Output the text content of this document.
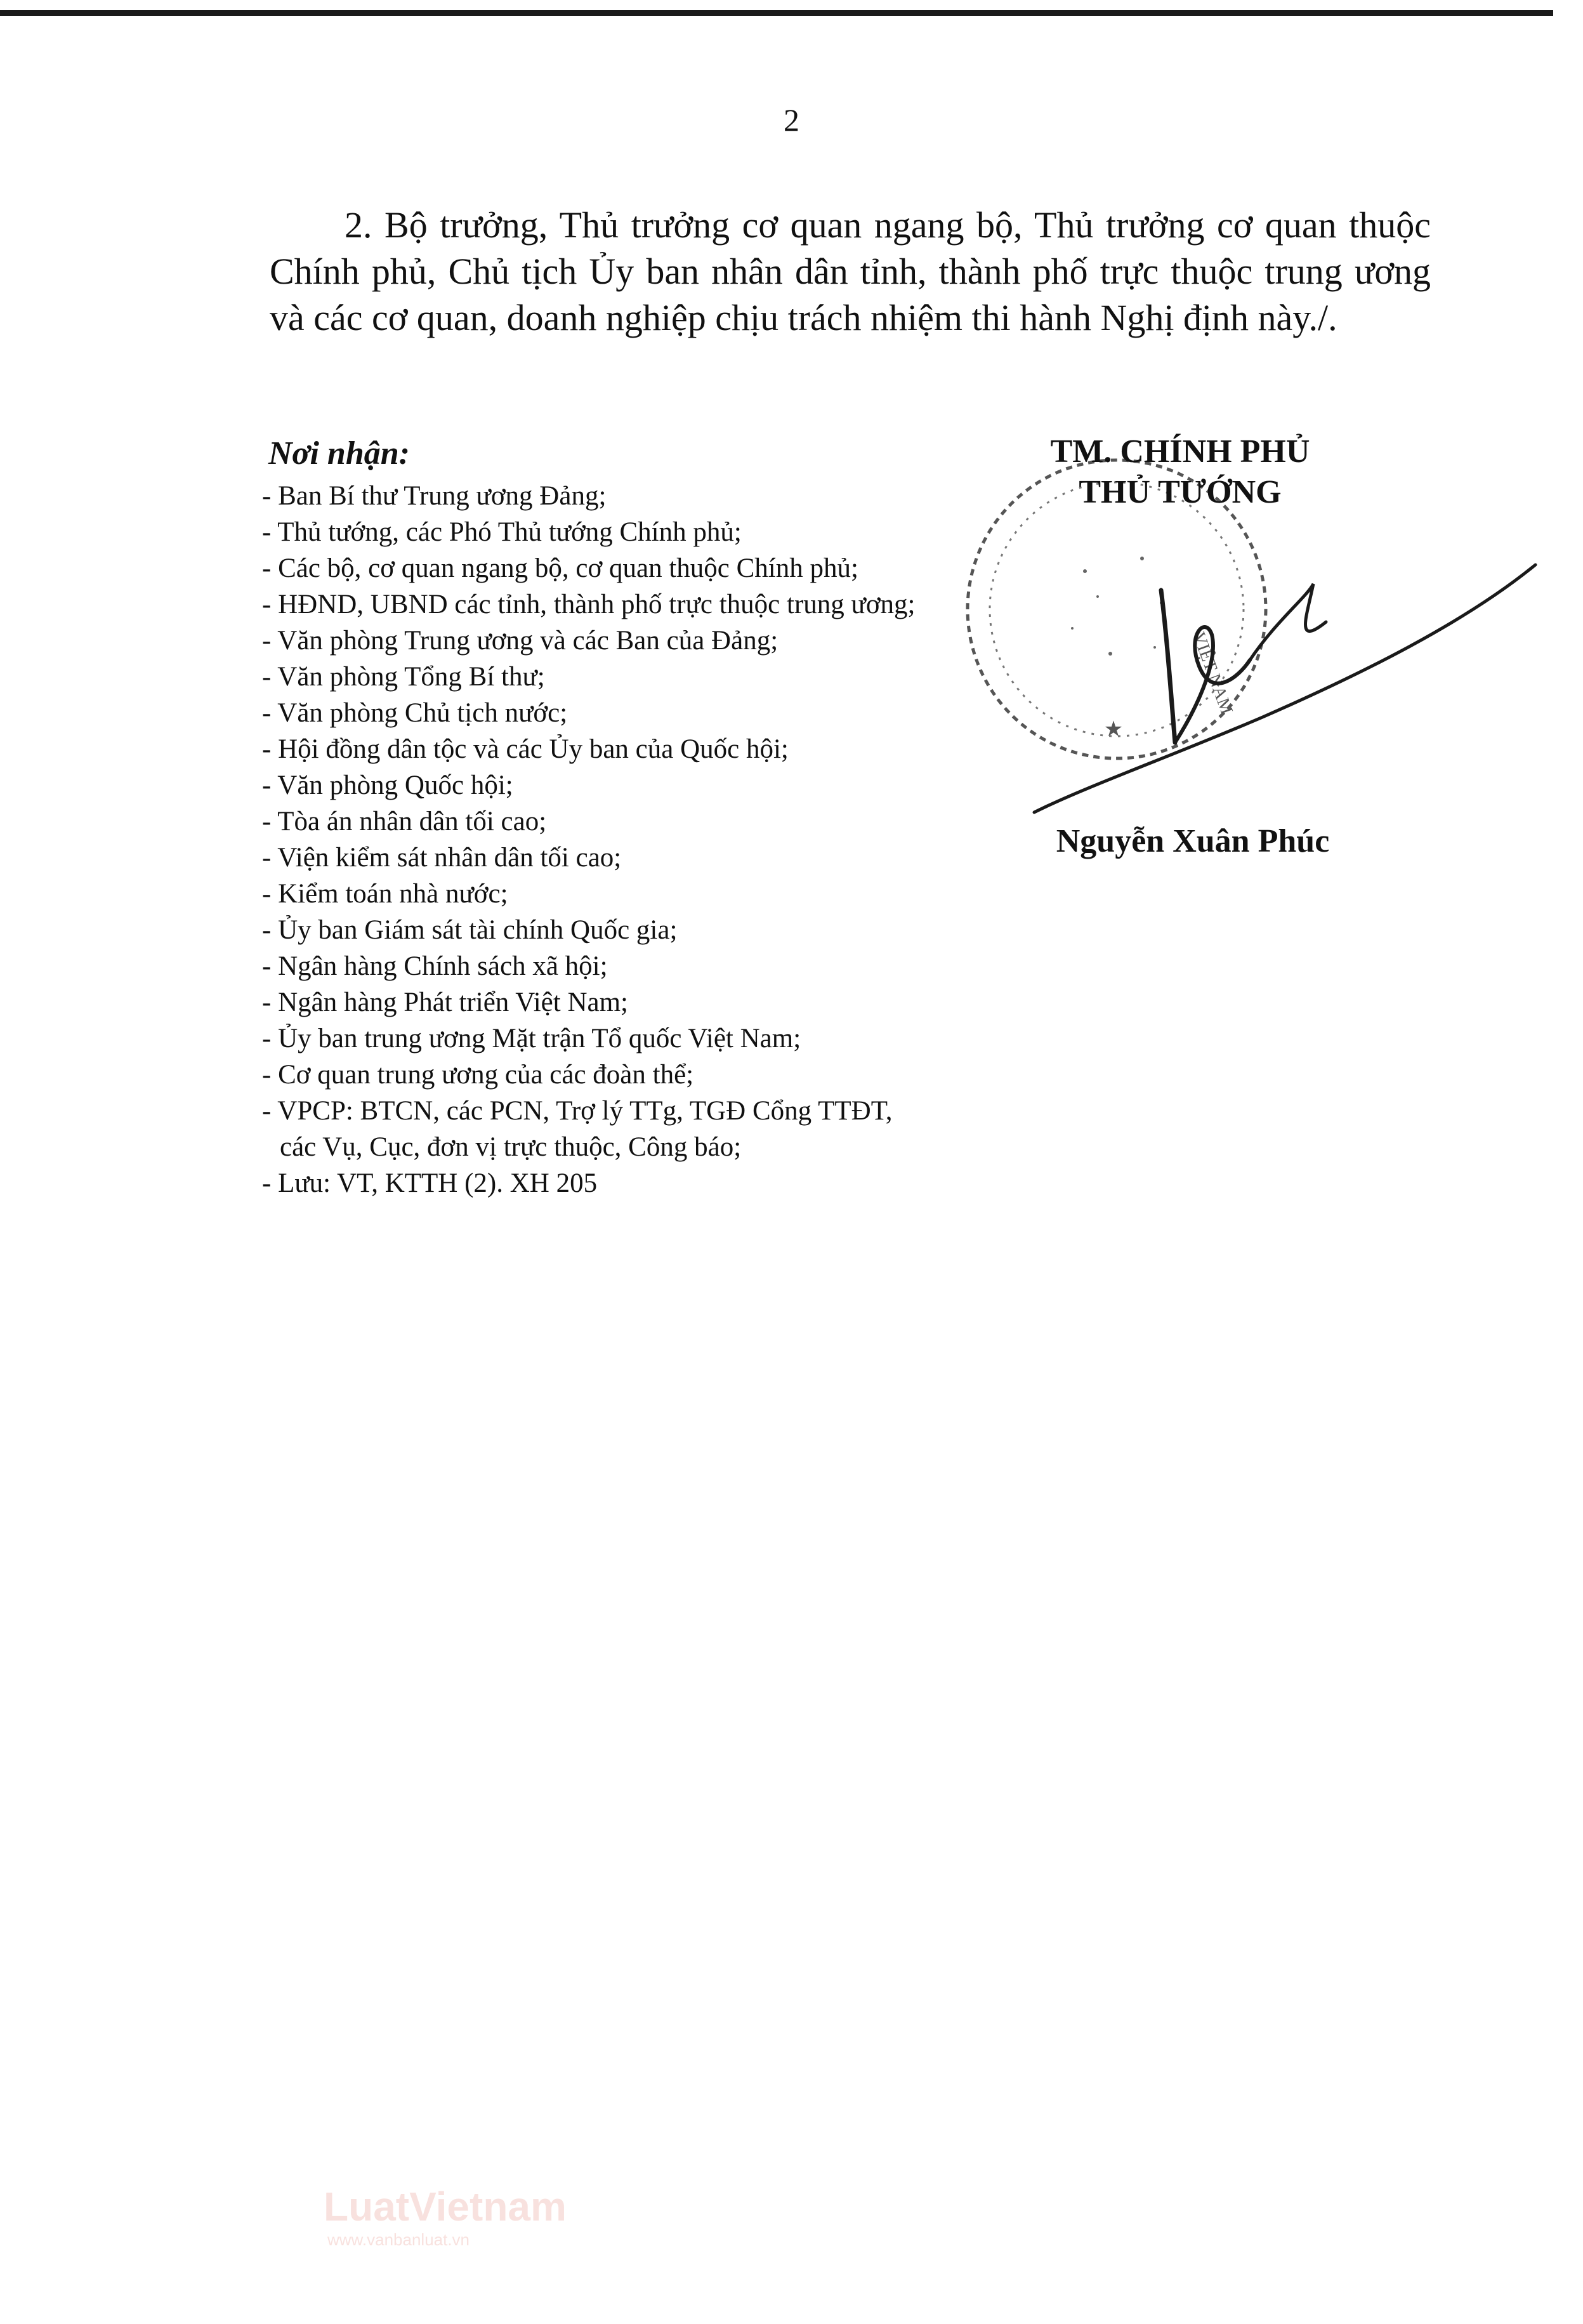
2

2. Bộ trưởng, Thủ trưởng cơ quan ngang bộ, Thủ trưởng cơ quan thuộc Chính phủ, Chủ tịch Ủy ban nhân dân tỉnh, thành phố trực thuộc trung ương và các cơ quan, doanh nghiệp chịu trách nhiệm thi hành Nghị định này./.

Nơi nhận:
- Ban Bí thư Trung ương Đảng;
- Thủ tướng, các Phó Thủ tướng Chính phủ;
- Các bộ, cơ quan ngang bộ, cơ quan thuộc Chính phủ;
- HĐND, UBND các tỉnh, thành phố trực thuộc trung ương;
- Văn phòng Trung ương và các Ban của Đảng;
- Văn phòng Tổng Bí thư;
- Văn phòng Chủ tịch nước;
- Hội đồng dân tộc và các Ủy ban của Quốc hội;
- Văn phòng Quốc hội;
- Tòa án nhân dân tối cao;
- Viện kiểm sát nhân dân tối cao;
- Kiểm toán nhà nước;
- Ủy ban Giám sát tài chính Quốc gia;
- Ngân hàng Chính sách xã hội;
- Ngân hàng Phát triển Việt Nam;
- Ủy ban trung ương Mặt trận Tổ quốc Việt Nam;
- Cơ quan trung ương của các đoàn thể;
- VPCP: BTCN, các PCN, Trợ lý TTg, TGĐ Cổng TTĐT,
các Vụ, Cục, đơn vị trực thuộc, Công báo;
- Lưu: VT, KTTH (2). XH 205
★
VIỆT NAM
TM. CHÍNH PHỦ
THỦ TƯỚNG

Nguyễn Xuân Phúc

LuatVietnam
www.vanbanluat.vn
